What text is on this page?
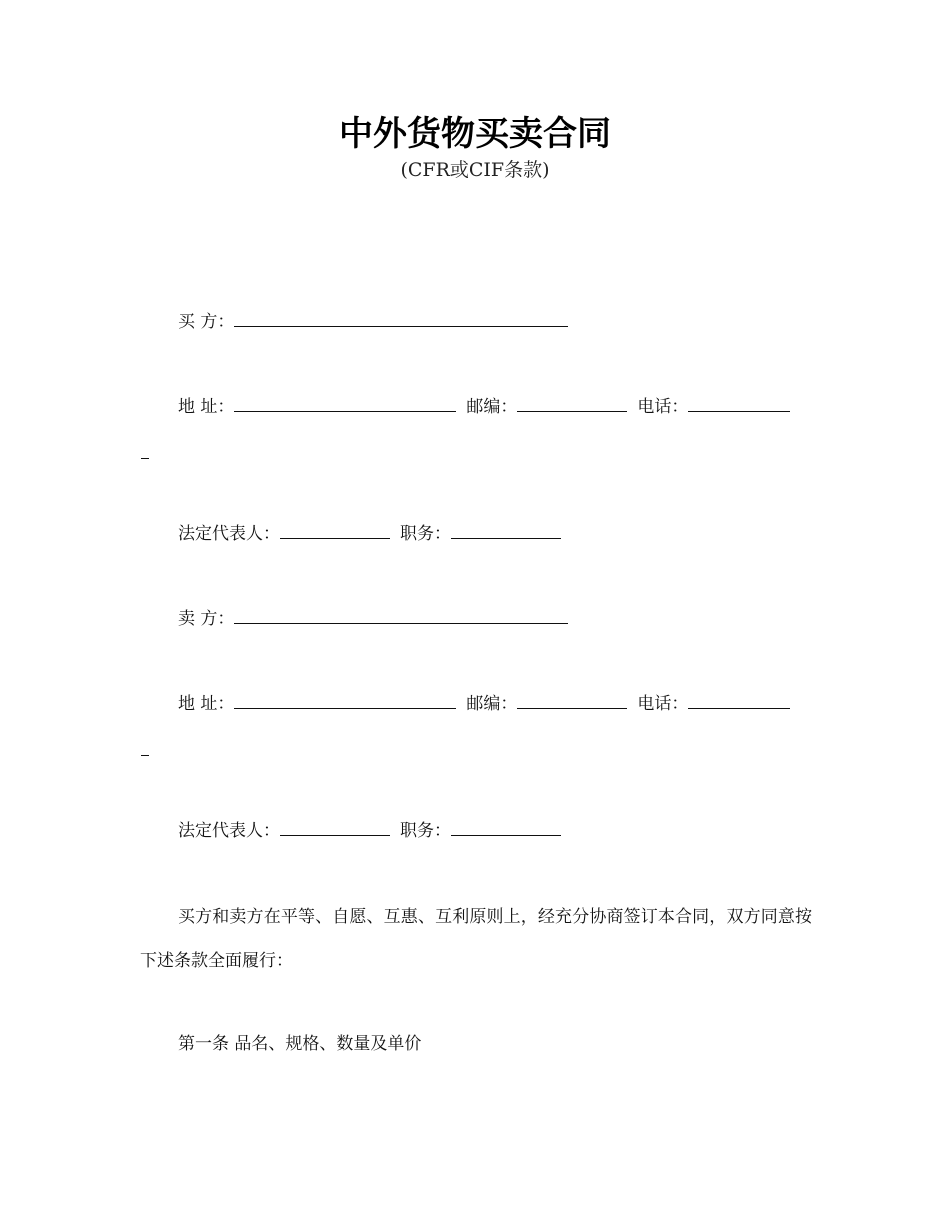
中外货物买卖合同
(CFR或CIF条款)
买 方：
地 址：	邮编：	电话：
法定代表人：	职务：
卖 方：
地 址：	邮编：	电话：
法定代表人：	职务：
买方和卖方在平等、自愿、互惠、互利原则上，经充分协商签订本合同，双方同意按下述条款全面履行：
第一条 品名、规格、数量及单价
